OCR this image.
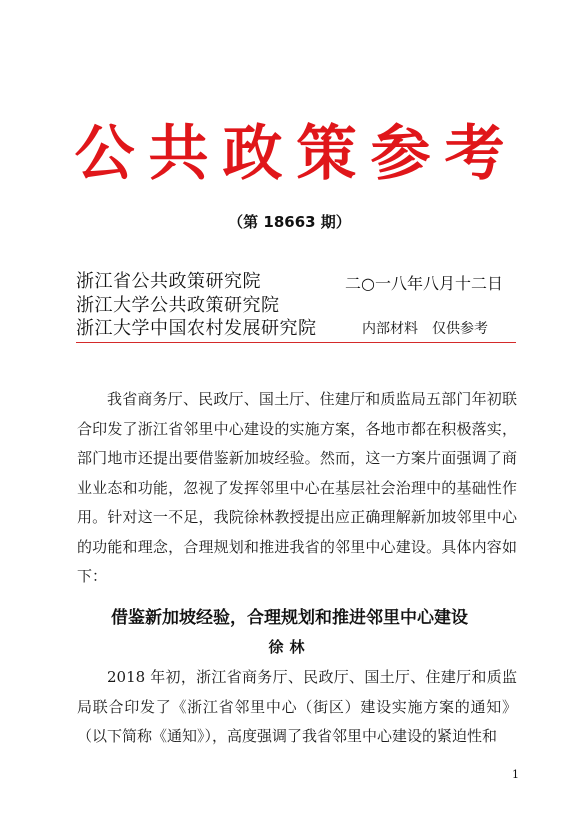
公共政策参考
（第 18663 期）
浙江省公共政策研究院
浙江大学公共政策研究院
浙江大学中国农村发展研究院
二○一八年八月十二日
内部材料　仅供参考

我省商务厅、民政厅、国土厅、住建厅和质监局五部门年初联合印发了浙江省邻里中心建设的实施方案，各地市都在积极落实，部门地市还提出要借鉴新加坡经验。然而，这一方案片面强调了商业业态和功能，忽视了发挥邻里中心在基层社会治理中的基础性作用。针对这一不足，我院徐林教授提出应正确理解新加坡邻里中心的功能和理念，合理规划和推进我省的邻里中心建设。具体内容如下：

借鉴新加坡经验，合理规划和推进邻里中心建设
徐林

2018 年初，浙江省商务厅、民政厅、国土厅、住建厅和质监局联合印发了《浙江省邻里中心（街区）建设实施方案的通知》（以下简称《通知》），高度强调了我省邻里中心建设的紧迫性和

1
